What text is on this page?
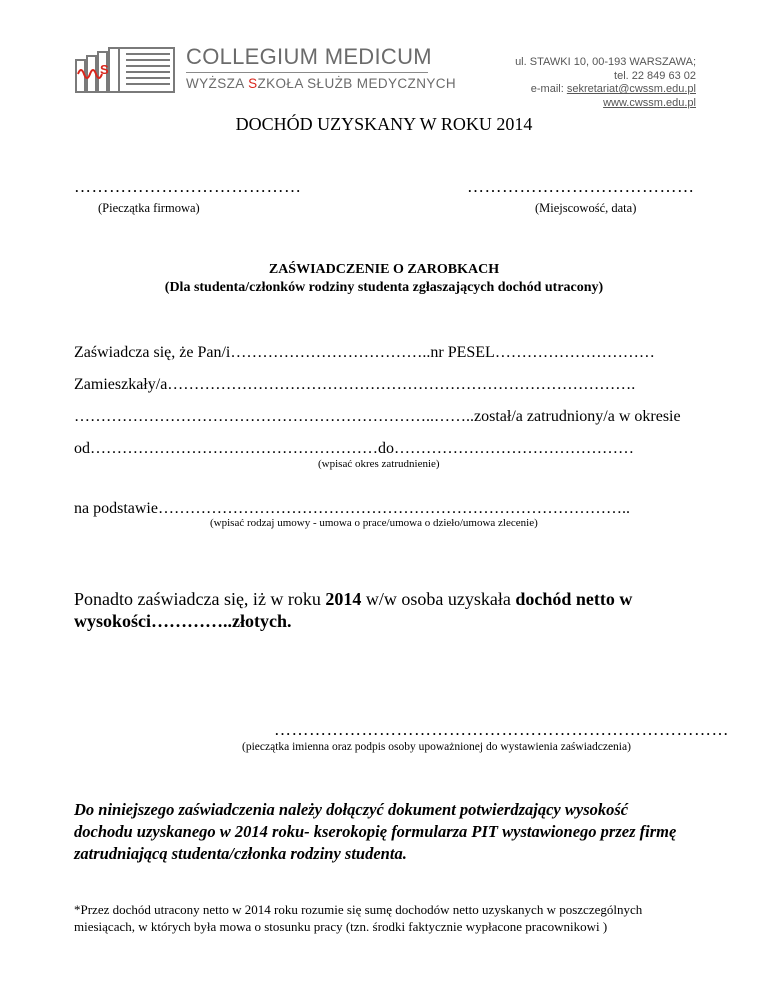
S
COLLEGIUM MEDICUM
WYŻSZA SZKOŁA SŁUŻB MEDYCZNYCH
ul. STAWKI 10, 00-193 WARSZAWA;
tel. 22 849 63 02
e-mail: sekretariat@cwssm.edu.pl
www.cwssm.edu.pl
DOCHÓD UZYSKANY W ROKU 2014
…………………………………
(Pieczątka firmowa)
…………………………………
(Miejscowość, data)
ZAŚWIADCZENIE O ZAROBKACH
(Dla studenta/członków rodziny studenta zgłaszających dochód utracony)
Zaświadcza się, że Pan/i………………………………..nr PESEL…………………………
Zamieszkały/a…………………………………………………………………………….
…………………………………………………………..……..został/a zatrudniony/a w okresie
od………………………………………………do………………………………………
(wpisać okres zatrudnienie)
na podstawie……………………………………………………………………………..
(wpisać rodzaj umowy - umowa o prace/umowa o dzieło/umowa zlecenie)
Ponadto zaświadcza się, iż w roku 2014 w/w osoba uzyskała dochód netto w
wysokości…………..złotych.
……………………………………………………………………
(pieczątka imienna oraz podpis osoby upoważnionej do wystawienia zaświadczenia)
Do niniejszego zaświadczenia należy dołączyć dokument potwierdzający wysokość
dochodu uzyskanego w 2014 roku- kserokopię formularza PIT wystawionego przez firmę
zatrudniającą studenta/członka rodziny studenta.
*Przez dochód utracony netto w 2014 roku rozumie się sumę dochodów netto uzyskanych w poszczególnych
miesiącach, w których była mowa o stosunku pracy (tzn. środki faktycznie wypłacone pracownikowi )
